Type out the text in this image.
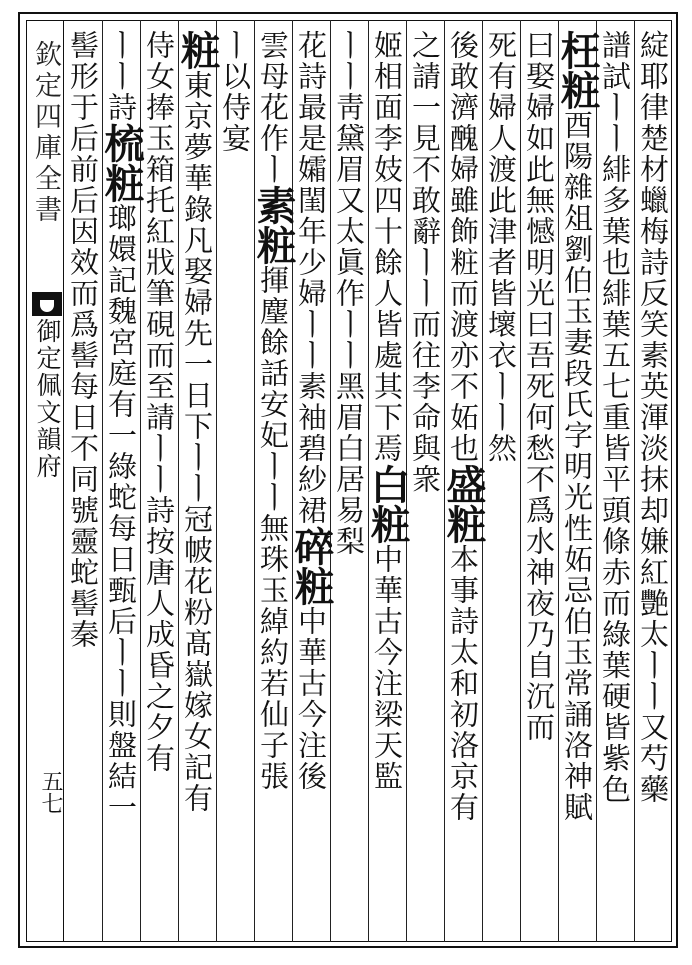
欽定四庫全書
御定佩文韻府
五七	綻耶律楚材蠟梅詩反笑素英渾淡抹却嫌紅艷太ㅣㅣ又芍藥
譜試ㅣㅣ緋多葉也緋葉五七重皆平頭條赤而綠葉硬皆紫色
枉粧酉陽雜俎劉伯玉妻段氏字明光性妬忌伯玉常誦洛神賦
曰娶婦如此無憾明光曰吾死何愁不爲水神夜乃自沉而
死有婦人渡此津者皆壞衣ㅣㅣ然
後敢濟醜婦雖飾粧而渡亦不妬也盛粧本事詩太和初洛京有
之請一見不敢辭ㅣㅣ而往李命與衆
姬相面李妓四十餘人皆處其下焉白粧中華古今注梁天監
ㅣㅣ靑黛眉又太眞作ㅣㅣ黑眉白居易梨
花詩最是孀閨年少婦ㅣㅣ素袖碧紗裙碎粧中華古今注後
雲母花作ㅣ素粧揮麈餘話安妃ㅣㅣ無珠玉綽約若仙子張
ㅣ以侍宴
粧東京夢華錄凡娶婦先一日下ㅣㅣ冠帔花粉髙嶽嫁女記有
侍女捧玉箱托紅戕筆硯而至請ㅣㅣ詩按唐人成昏之夕有
ㅣㅣ詩梳粧瑯嬛記魏宮庭有一綠蛇每日甄后ㅣㅣ則盤結一
髻形于后前后因效而爲髻每日不同號靈蛇髻秦
